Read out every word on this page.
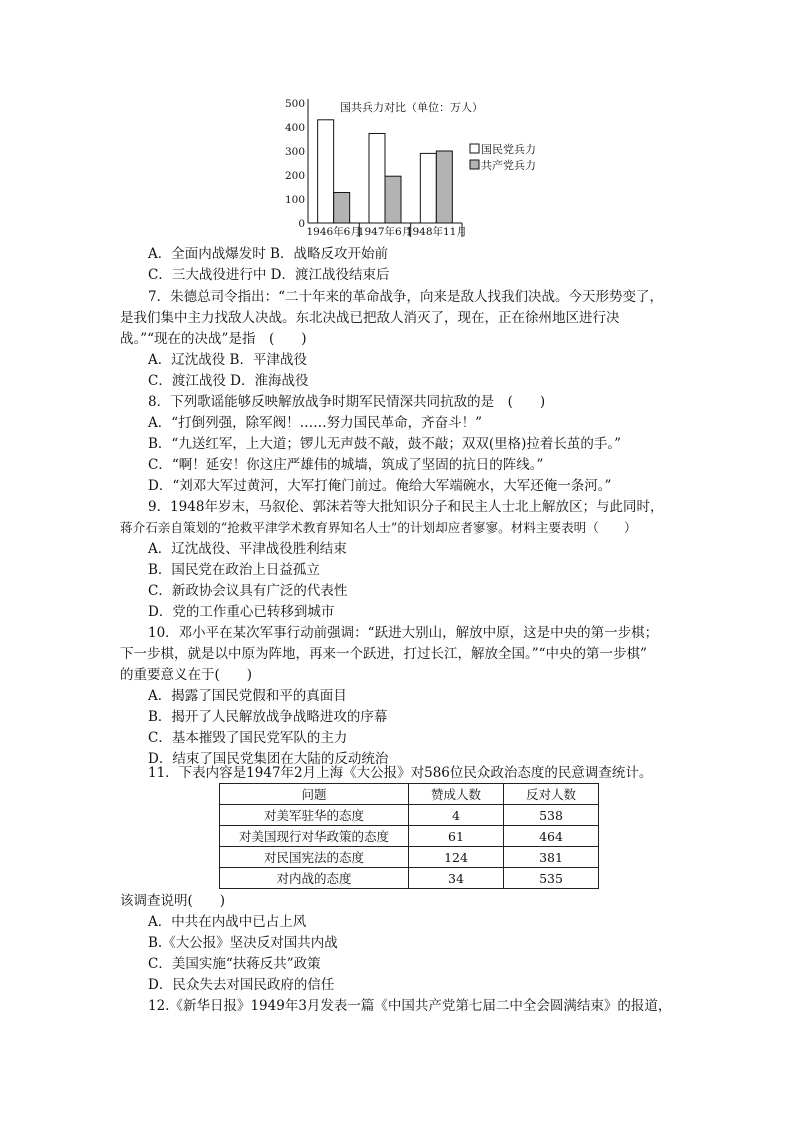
0
100
200
300
400
500	国共兵力对比（单位：万人）
1946年6月
1947年6月
1948年11月
国民党兵力
共产党兵力
A．全面内战爆发时 B．战略反攻开始前
C．三大战役进行中 D．渡江战役结束后
7．朱德总司令指出：“二十年来的革命战争，向来是敌人找我们决战。今天形势变了，
是我们集中主力找敌人决战。东北决战已把敌人消灭了，现在，正在徐州地区进行决
战。”“现在的决战”是指　(　　)
A．辽沈战役 B．平津战役
C．渡江战役 D．淮海战役
8．下列歌谣能够反映解放战争时期军民情深共同抗敌的是　(　　)
A．“打倒列强，除军阀！……努力国民革命，齐奋斗！”
B．“九送红军，上大道；锣儿无声鼓不敲，鼓不敲；双双(里格)拉着长茧的手。”
C．“啊！延安！你这庄严雄伟的城墙，筑成了坚固的抗日的阵线。”
D．“刘邓大军过黄河，大军打俺门前过。俺给大军端碗水，大军还俺一条河。”
9．1948年岁末，马叙伦、郭沫若等大批知识分子和民主人士北上解放区；与此同时，
蒋介石亲自策划的“抢救平津学术教育界知名人士”的计划却应者寥寥。材料主要表明（　　）
A．辽沈战役、平津战役胜利结束
B．国民党在政治上日益孤立
C．新政协会议具有广泛的代表性
D．党的工作重心已转移到城市
10．邓小平在某次军事行动前强调：“跃进大别山，解放中原，这是中央的第一步棋；
下一步棋，就是以中原为阵地，再来一个跃进，打过长江，解放全国。”“中央的第一步棋”
的重要意义在于(　　)
A．揭露了国民党假和平的真面目
B．揭开了人民解放战争战略进攻的序幕
C．基本摧毁了国民党军队的主力
D．结束了国民党集团在大陆的反动统治
11．下表内容是1947年2月上海《大公报》对586位民众政治态度的民意调查统计。
问题	赞成人数	反对人数
对美军驻华的态度	4	538
对美国现行对华政策的态度	61	464
对民国宪法的态度	124	381
对内战的态度	34	535
该调查说明(　　)
A．中共在内战中已占上风
B.《大公报》坚决反对国共内战
C．美国实施“扶蒋反共”政策
D．民众失去对国民政府的信任
12.《新华日报》1949年3月发表一篇《中国共产党第七届二中全会圆满结束》的报道，
